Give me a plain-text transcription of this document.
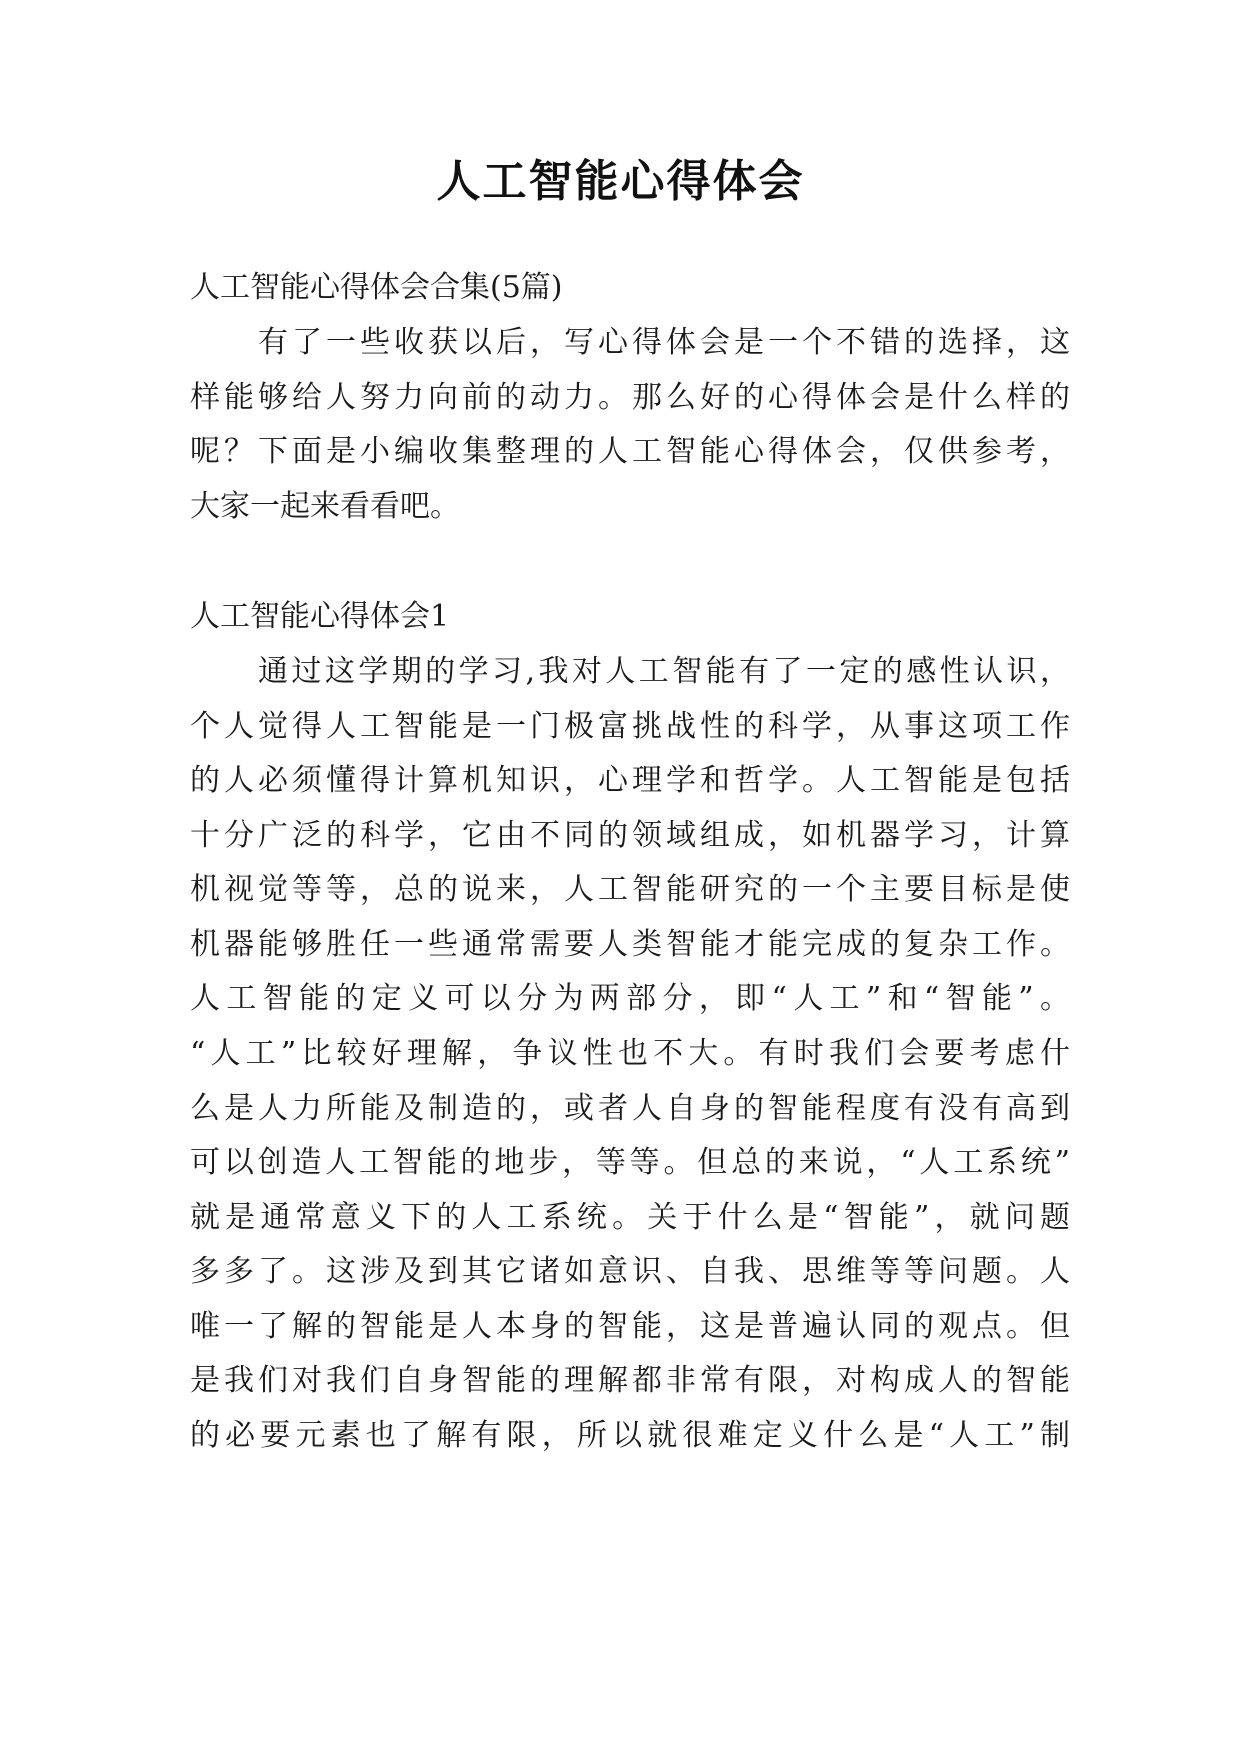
人工智能心得体会

人工智能心得体会合集(5篇)

有了一些收获以后，写心得体会是一个不错的选择，这

样能够给人努力向前的动力。那么好的心得体会是什么样的

呢？下面是小编收集整理的人工智能心得体会，仅供参考，

大家一起来看看吧。

人工智能心得体会1

通过这学期的学习,我对人工智能有了一定的感性认识，

个人觉得人工智能是一门极富挑战性的科学，从事这项工作

的人必须懂得计算机知识，心理学和哲学。人工智能是包括

十分广泛的科学，它由不同的领域组成，如机器学习，计算

机视觉等等，总的说来，人工智能研究的一个主要目标是使

机器能够胜任一些通常需要人类智能才能完成的复杂工作。

人工智能的定义可以分为两部分，即“人工”和“智能”。

“人工”比较好理解，争议性也不大。有时我们会要考虑什

么是人力所能及制造的，或者人自身的智能程度有没有高到

可以创造人工智能的地步，等等。但总的来说，“人工系统”

就是通常意义下的人工系统。关于什么是“智能”，就问题

多多了。这涉及到其它诸如意识、自我、思维等等问题。人

唯一了解的智能是人本身的智能，这是普遍认同的观点。但

是我们对我们自身智能的理解都非常有限，对构成人的智能

的必要元素也了解有限，所以就很难定义什么是“人工”制
